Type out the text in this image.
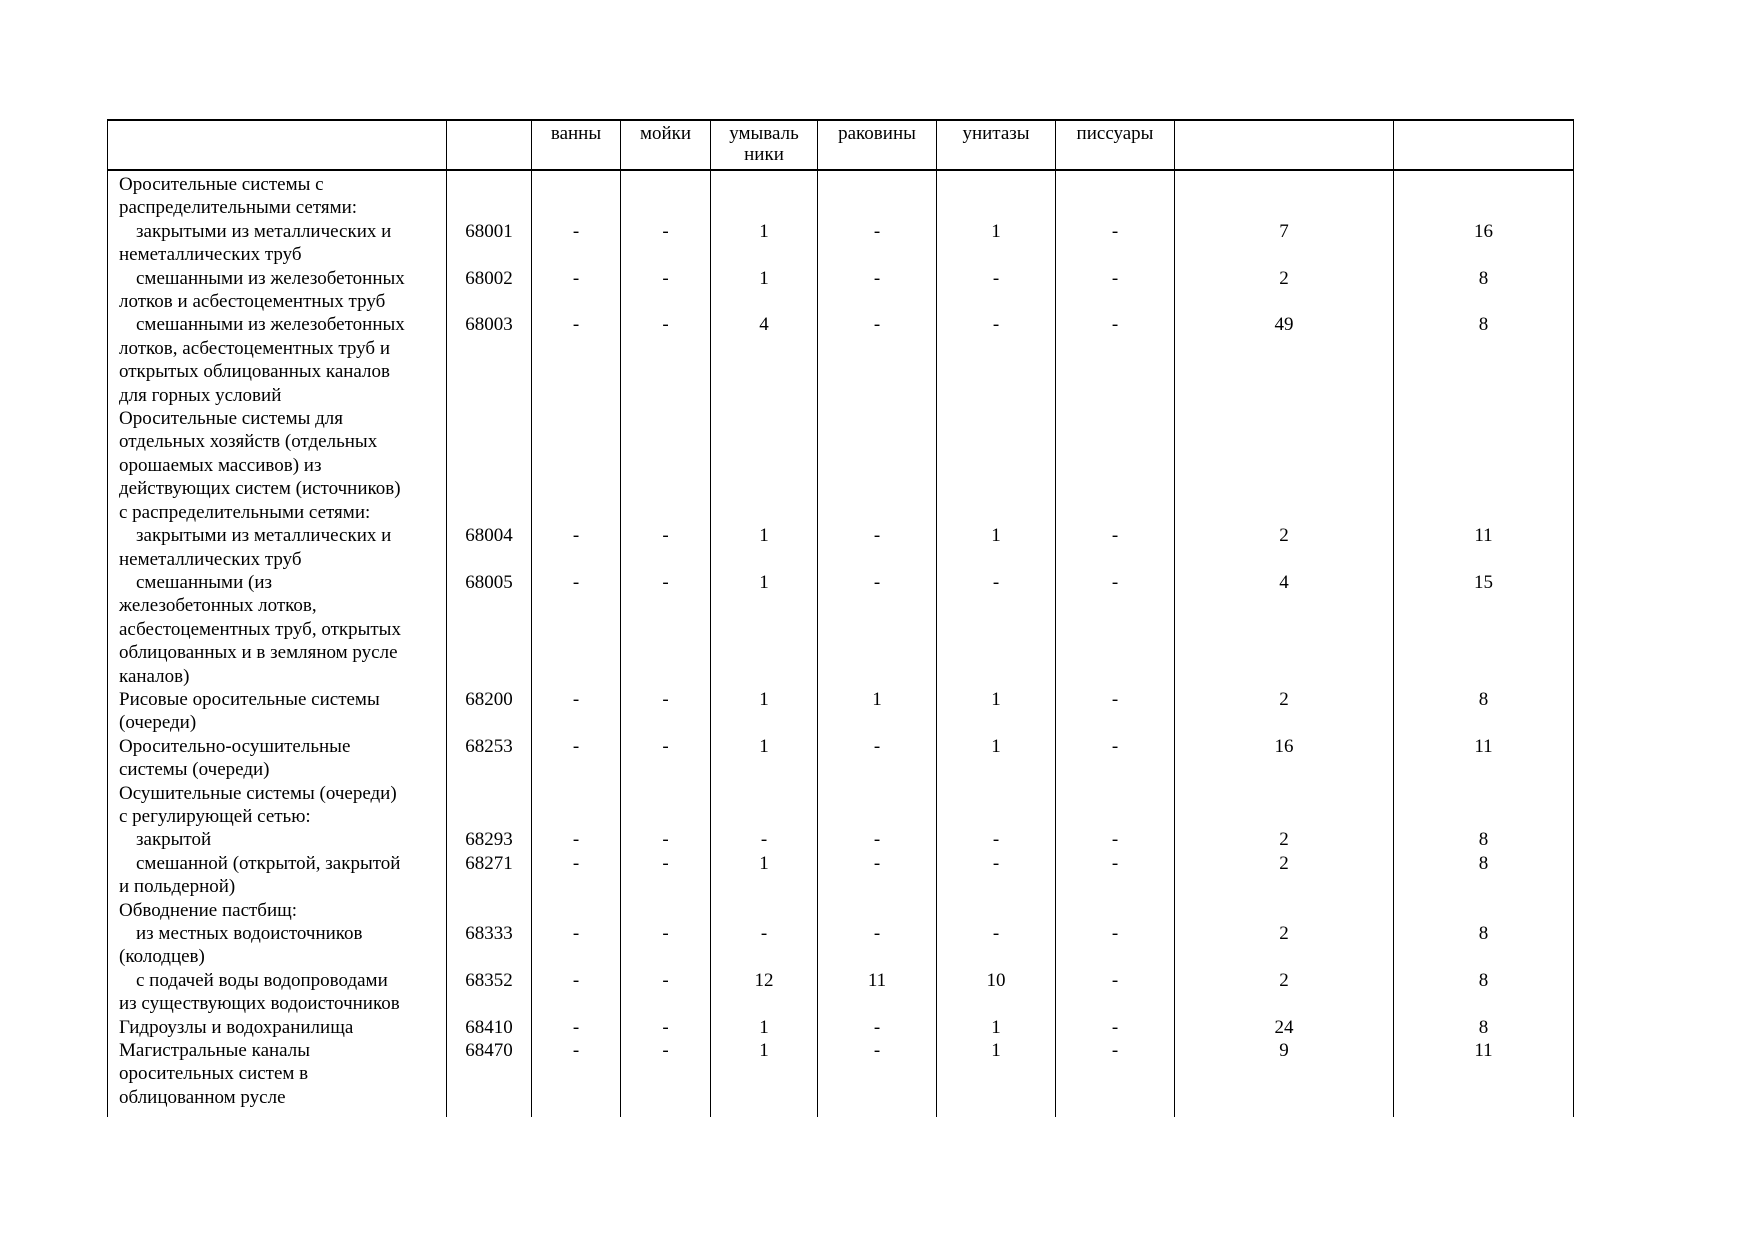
		ванны	мойки	умываль
ники	раковины	унитазы	писсуары		

Оросительные системы с
распределительными сетями:									

закрытыми из металлических и
неметаллических труб	68001	-	-	1	-	1	-	7	16

смешанными из железобетонных
лотков и асбестоцементных труб	68002	-	-	1	-	-	-	2	8

смешанными из железобетонных
лотков, асбестоцементных труб и
открытых облицованных каналов
для горных условий	68003	-	-	4	-	-	-	49	8

Оросительные системы для
отдельных хозяйств (отдельных
орошаемых массивов) из
действующих систем (источников)
с распределительными сетями:									

закрытыми из металлических и
неметаллических труб	68004	-	-	1	-	1	-	2	11

смешанными (из
железобетонных лотков,
асбестоцементных труб, открытых
облицованных и в земляном русле
каналов)	68005	-	-	1	-	-	-	4	15

Рисовые оросительные системы
(очереди)	68200	-	-	1	1	1	-	2	8

Оросительно-осушительные
системы (очереди)	68253	-	-	1	-	1	-	16	11

Осушительные системы (очереди)
с регулирующей сетью:									

закрытой	68293	-	-	-	-	-	-	2	8

смешанной (открытой, закрытой
и польдерной)	68271	-	-	1	-	-	-	2	8

Обводнение пастбищ:									

из местных водоисточников
(колодцев)	68333	-	-	-	-	-	-	2	8

с подачей воды водопроводами
из существующих водоисточников	68352	-	-	12	11	10	-	2	8

Гидроузлы и водохранилища	68410	-	-	1	-	1	-	24	8

Магистральные каналы
оросительных систем в
облицованном русле	68470	-	-	1	-	1	-	9	11
